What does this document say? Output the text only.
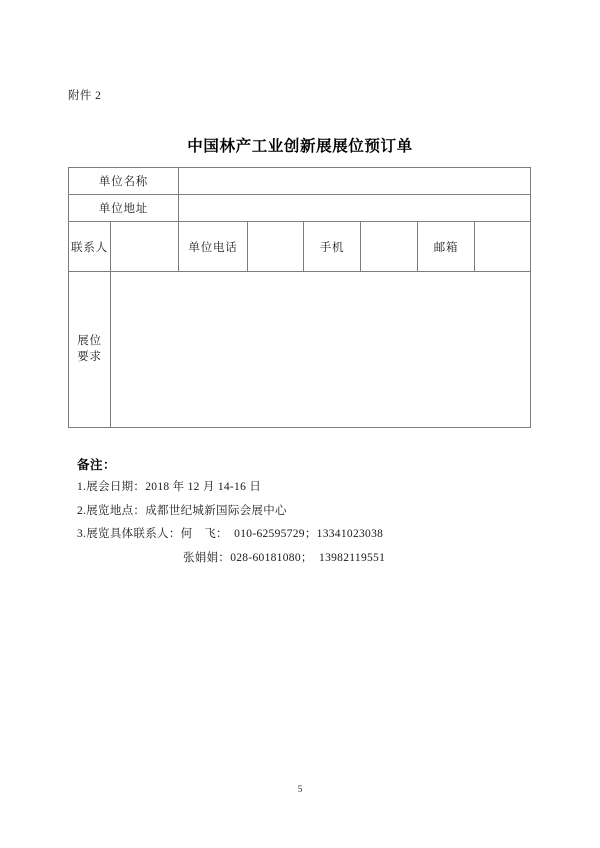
附件 2
中国林产工业创新展展位预订单
单位名称							
单位地址							
联系人		单位电话		手机		邮箱	

展位
要求							

备注：
1.展会日期：2018 年 12 月 14-16 日
2.展览地点：成都世纪城新国际会展中心
3.展览具体联系人：何　飞：  010-62595729；13341023038
张娟娟：028-60181080；  13982119551
5
